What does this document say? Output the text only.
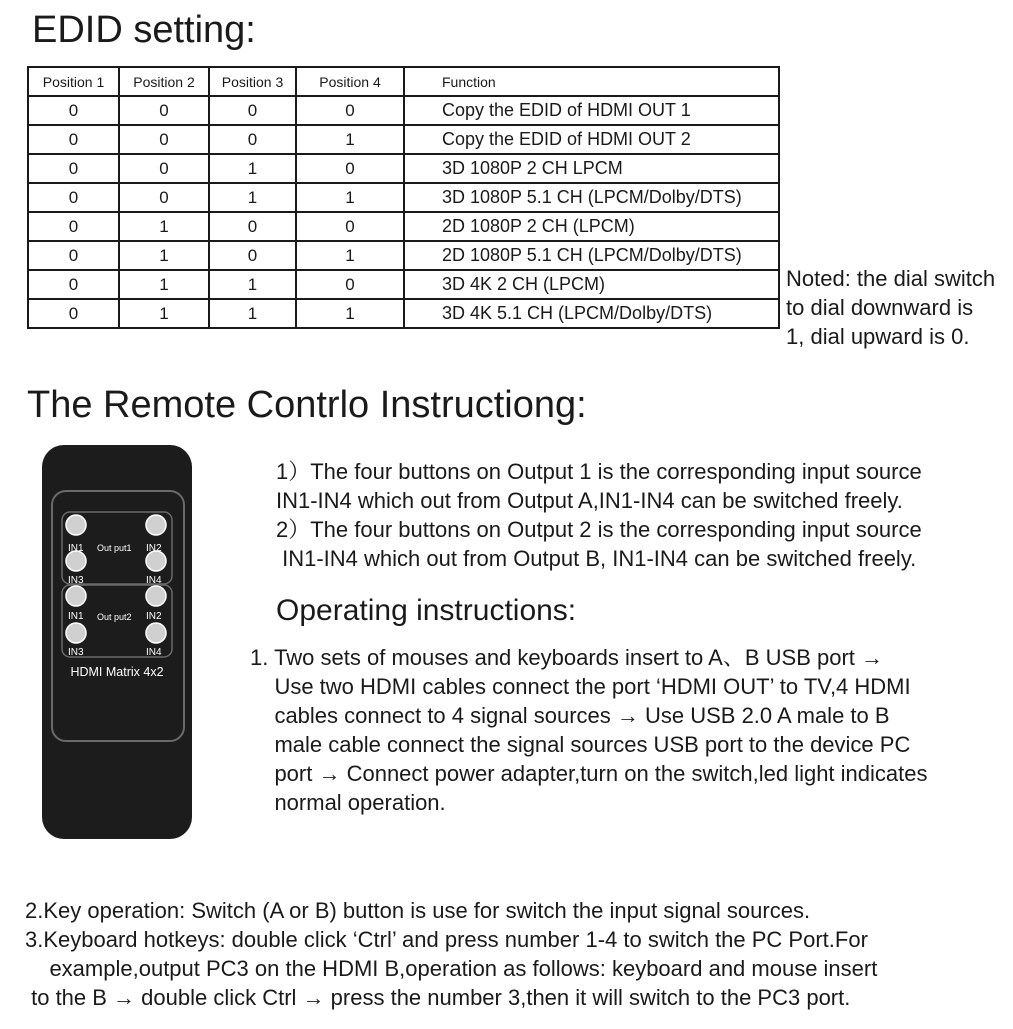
EDID setting:
Position 1	Position 2	Position 3	Position 4	Function
0	0	0	0	Copy the EDID of HDMI OUT 1
0	0	0	1	Copy the EDID of HDMI OUT 2
0	0	1	0	3D 1080P 2 CH LPCM
0	0	1	1	3D 1080P 5.1 CH (LPCM/Dolby/DTS)
0	1	0	0	2D 1080P 2 CH (LPCM)
0	1	0	1	2D 1080P 5.1 CH (LPCM/Dolby/DTS)
0	1	1	0	3D 4K 2 CH (LPCM)
0	1	1	1	3D 4K 5.1 CH (LPCM/Dolby/DTS)
Noted: the dial switch
to dial downward is
1, dial upward is 0.
The Remote Contrlo Instructiong:
IN1	IN2
IN3	IN4
IN1	IN2
IN3	IN4
Out put1
Out put2
HDMI Matrix 4x2
1）The four buttons on Output 1 is the corresponding input source
IN1-IN4 which out from Output A,IN1-IN4 can be switched freely.
2）The four buttons on Output 2 is the corresponding input source
IN1-IN4 which out from Output B, IN1-IN4 can be switched freely.
Operating instructions:
1. Two sets of mouses and keyboards insert to A、B USB port →
Use two HDMI cables connect the port ‘HDMI OUT’ to TV,4 HDMI
cables connect to 4 signal sources → Use USB 2.0 A male to B
male cable connect the signal sources USB port to the device PC
port → Connect power adapter,turn on the switch,led light indicates
normal operation.
2.Key operation: Switch (A or B) button is use for switch the input signal sources.
3.Keyboard hotkeys: double click ‘Ctrl’ and press number 1-4 to switch the PC Port.For
example,output PC3 on the HDMI B,operation as follows: keyboard and mouse insert
to the B → double click Ctrl → press the number 3,then it will switch to the PC3 port.
